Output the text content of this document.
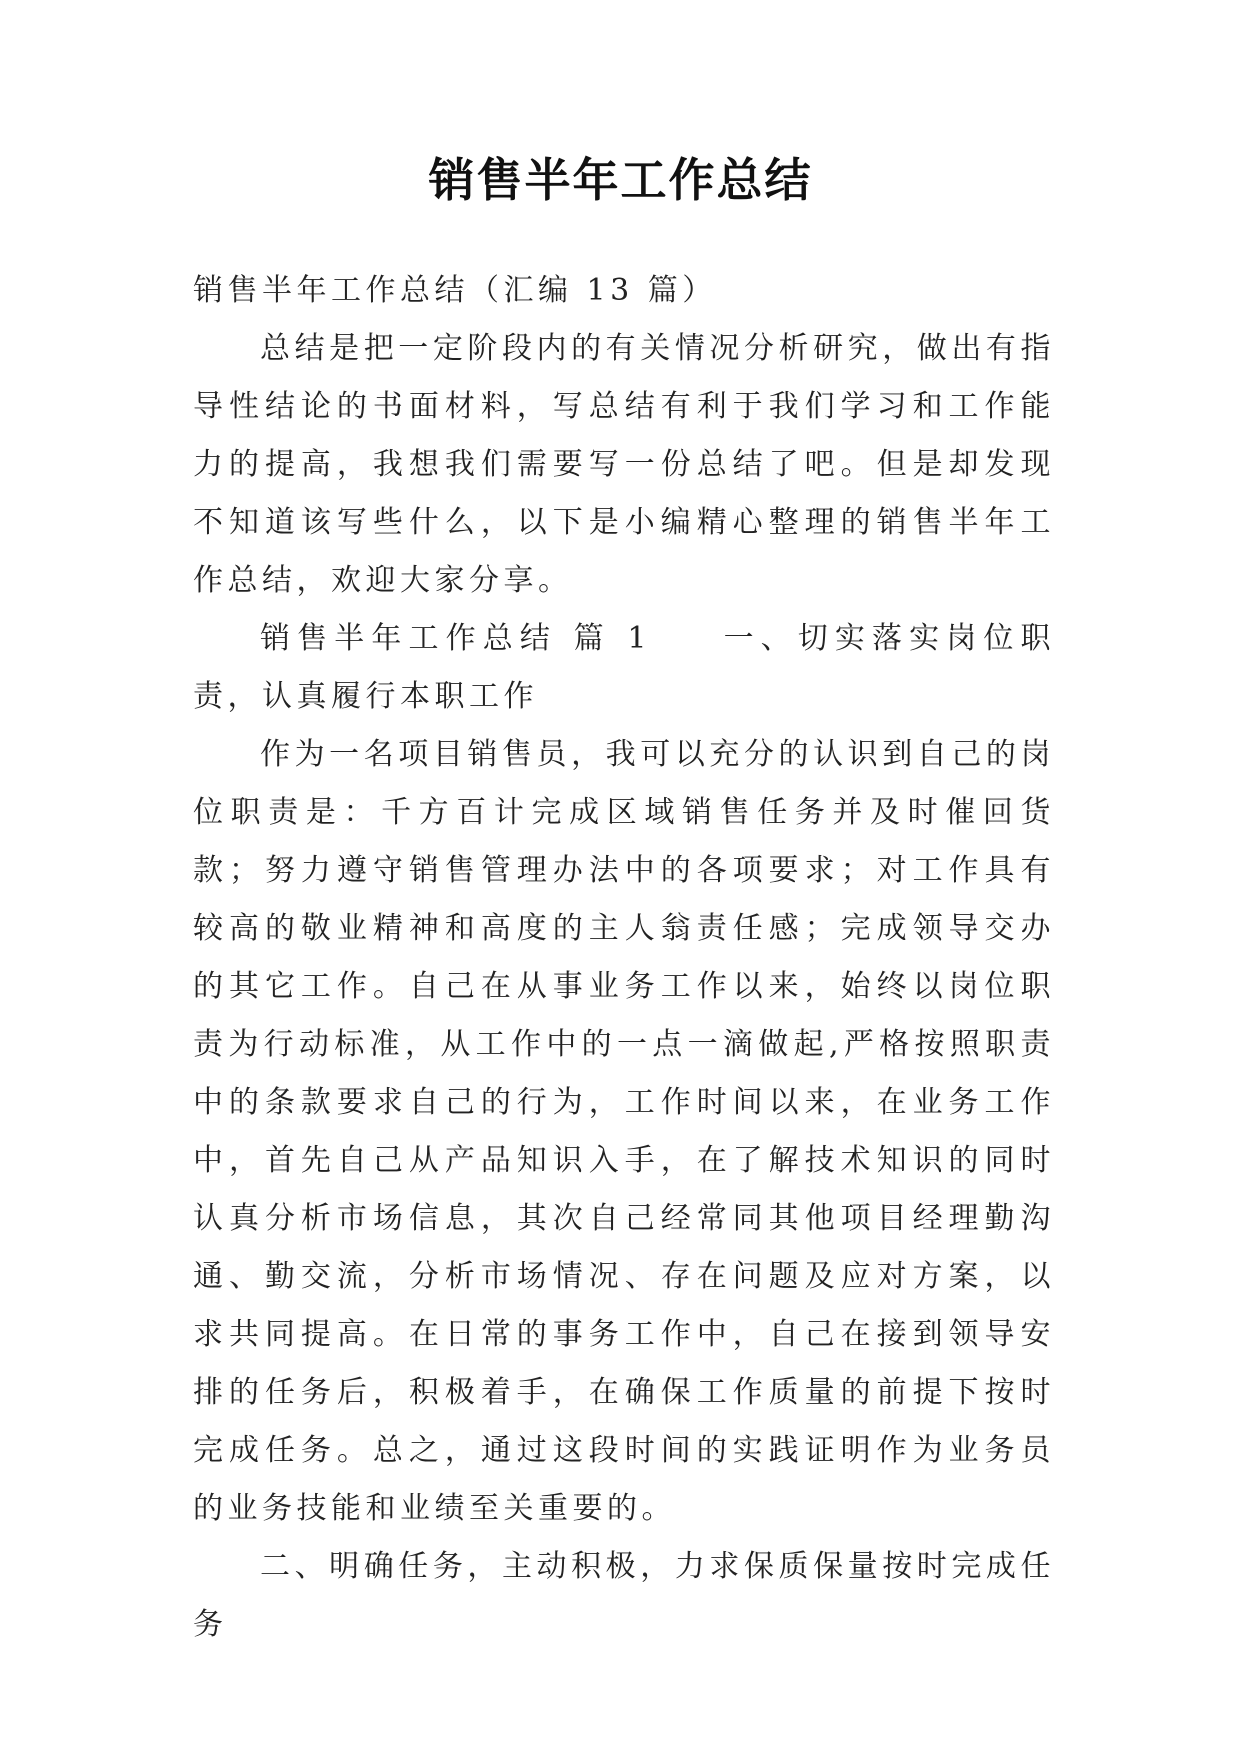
销售半年工作总结

销售半年工作总结（汇编 13 篇）

总结是把一定阶段内的有关情况分析研究，做出有指导性结论的书面材料，写总结有利于我们学习和工作能力的提高，我想我们需要写一份总结了吧。但是却发现不知道该写些什么，以下是小编精心整理的销售半年工作总结，欢迎大家分享。

销售半年工作总结 篇 1 一、切实落实岗位职责，认真履行本职工作

作为一名项目销售员，我可以充分的认识到自己的岗位职责是：千方百计完成区域销售任务并及时催回货款；努力遵守销售管理办法中的各项要求；对工作具有较高的敬业精神和高度的主人翁责任感；完成领导交办的其它工作。自己在从事业务工作以来，始终以岗位职责为行动标准，从工作中的一点一滴做起,严格按照职责中的条款要求自己的行为，工作时间以来，在业务工作中，首先自己从产品知识入手，在了解技术知识的同时认真分析市场信息，其次自己经常同其他项目经理勤沟通、勤交流，分析市场情况、存在问题及应对方案，以求共同提高。在日常的事务工作中，自己在接到领导安排的任务后，积极着手，在确保工作质量的前提下按时完成任务。总之，通过这段时间的实践证明作为业务员的业务技能和业绩至关重要的。

二、明确任务，主动积极，力求保质保量按时完成任务
